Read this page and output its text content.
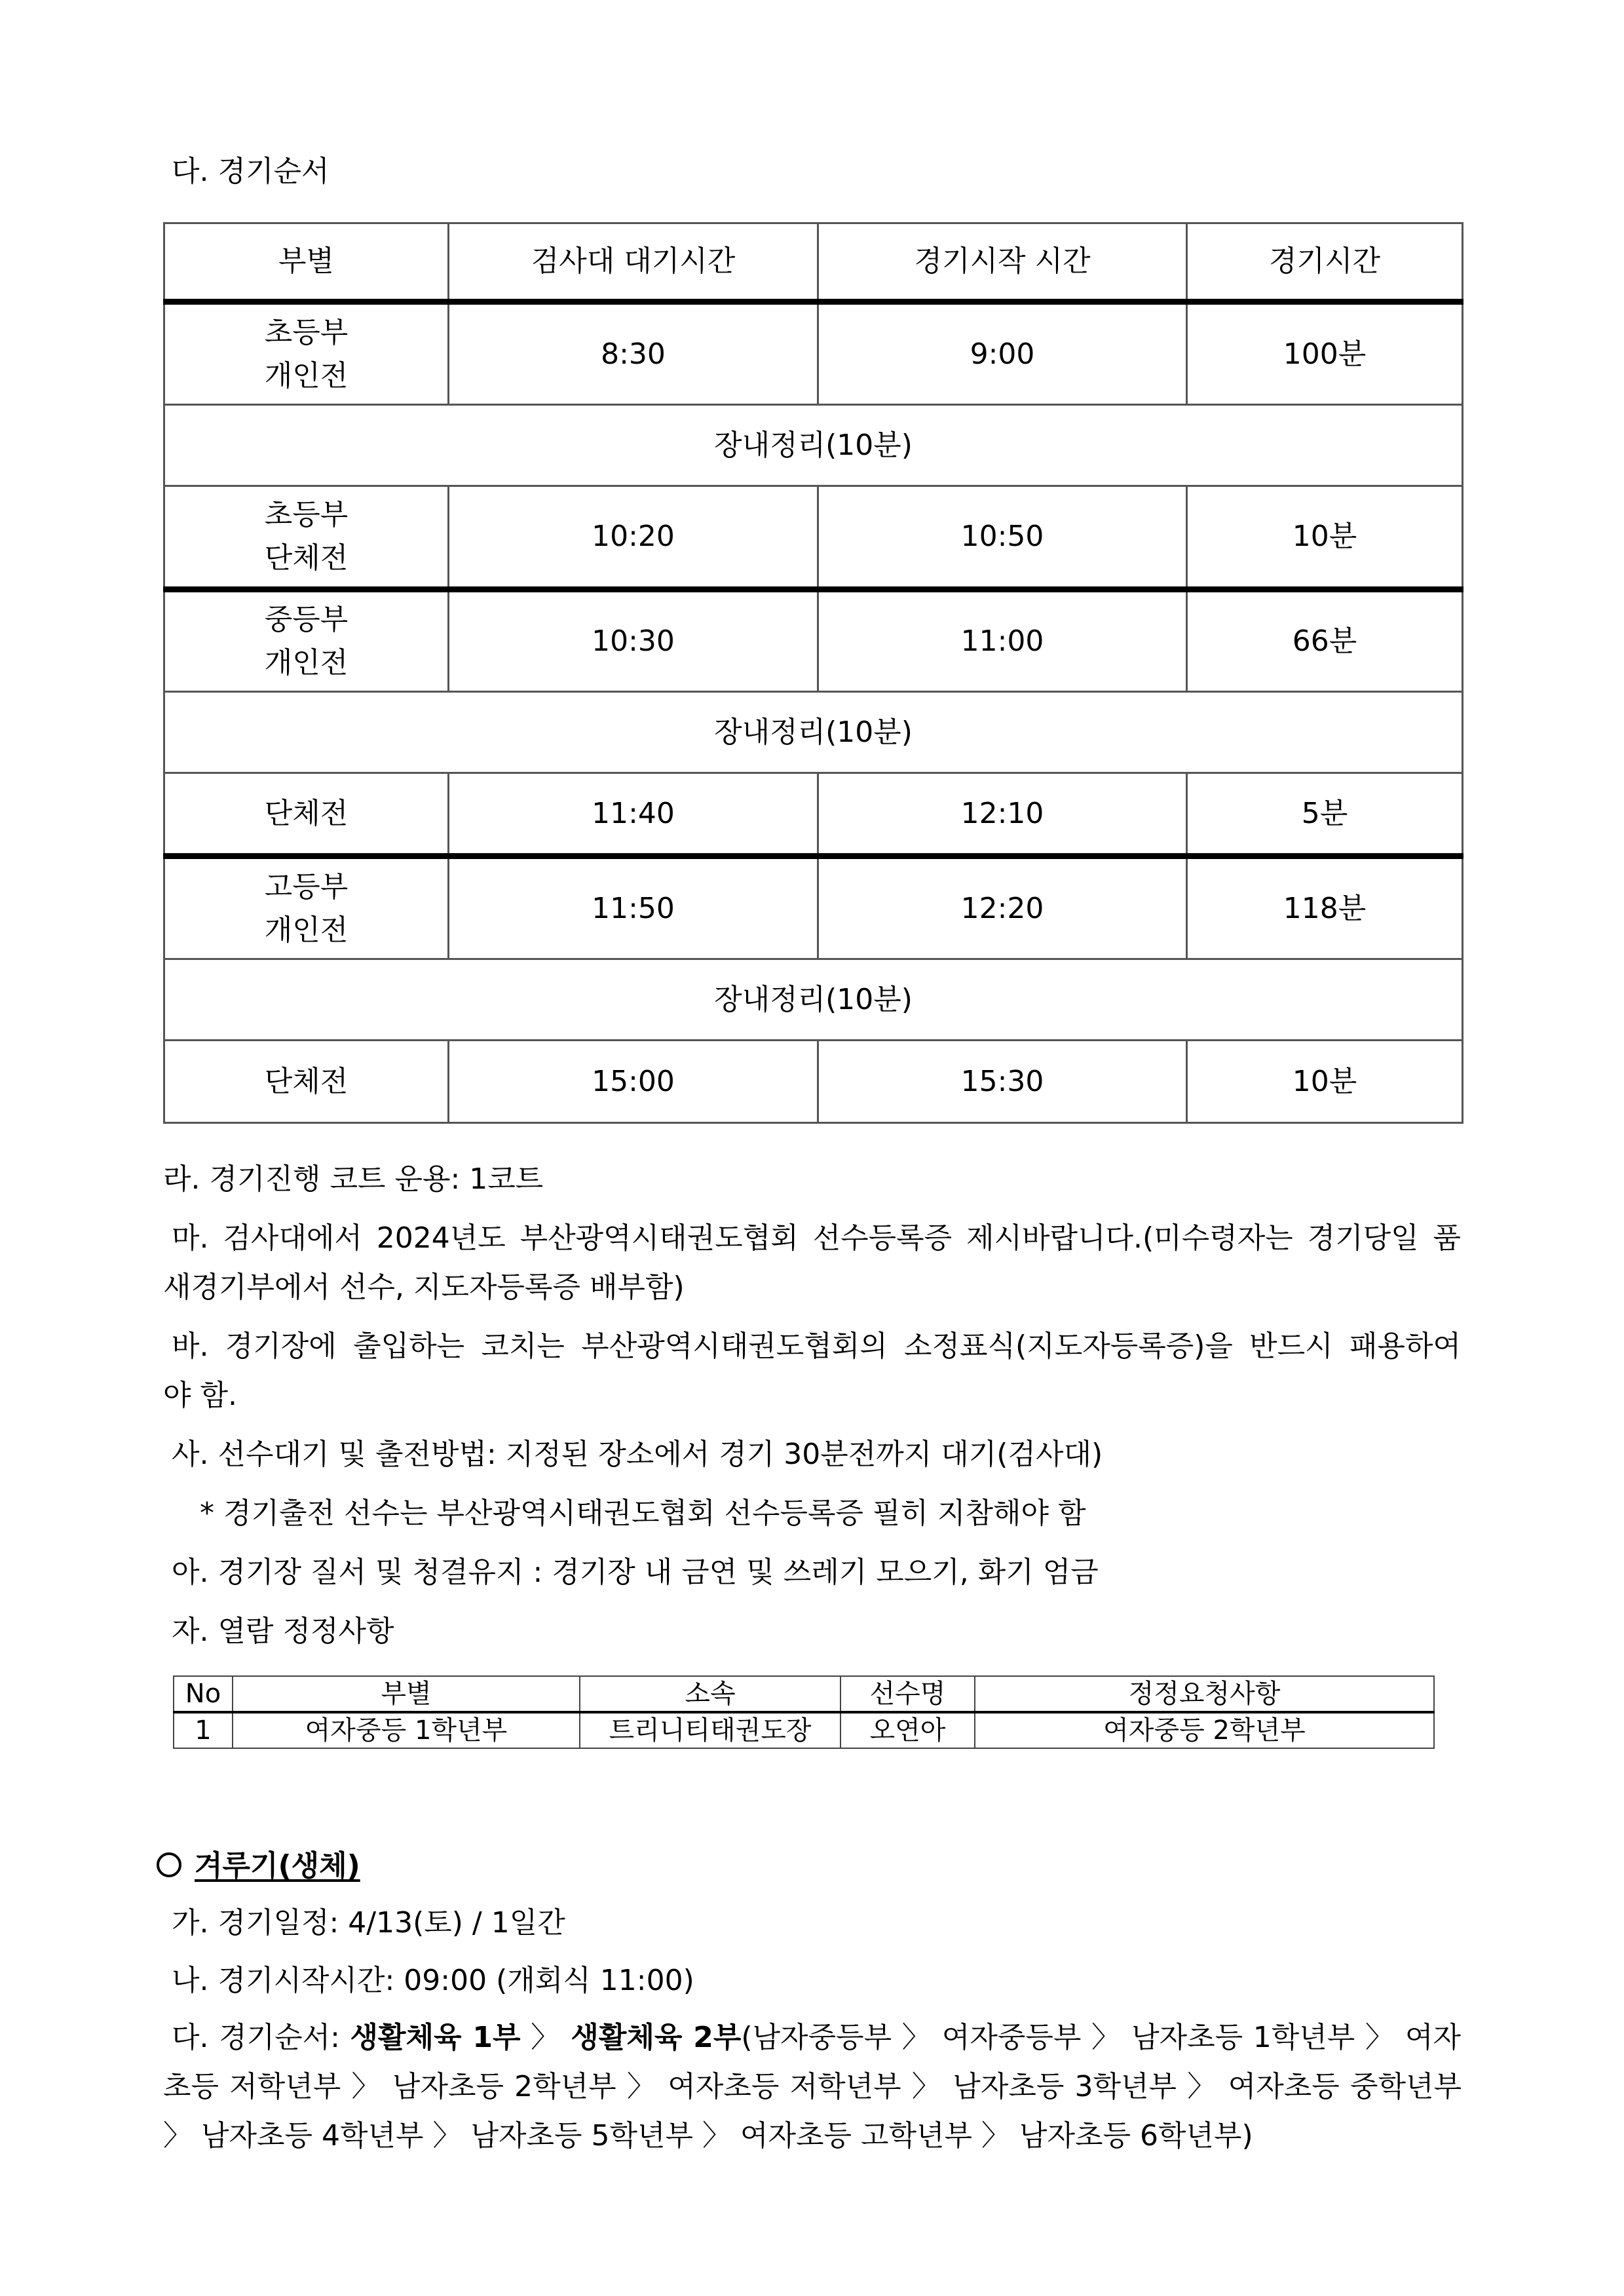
다. 경기순서
부별	검사대 대기시간	경기시작 시간	경기시간

초등부
개인전	8:30	9:00	100분
장내정리(10분)			

초등부
단체전	10:20	10:50	10분

중등부
개인전	10:30	11:00	66분
장내정리(10분)			
단체전	11:40	12:10	5분

고등부
개인전	11:50	12:20	118분
장내정리(10분)			
단체전	15:00	15:30	10분
라. 경기진행 코트 운용: 1코트
마. 검사대에서 2024년도 부산광역시태권도협회 선수등록증 제시바랍니다.(미수령자는 경기당일 품
새경기부에서 선수, 지도자등록증 배부함)
바. 경기장에 출입하는 코치는 부산광역시태권도협회의 소정표식(지도자등록증)을 반드시 패용하여
야 함.
사. 선수대기 및 출전방법: 지정된 장소에서 경기 30분전까지 대기(검사대)
* 경기출전 선수는 부산광역시태권도협회 선수등록증 필히 지참해야 함
아. 경기장 질서 및 청결유지 : 경기장 내 금연 및 쓰레기 모으기, 화기 엄금
자. 열람 정정사항
No	부별	소속	선수명	정정요청사항
1	여자중등 1학년부	트리니티태권도장	오연아	여자중등 2학년부
겨루기(생체)
가. 경기일정: 4/13(토) / 1일간
나. 경기시작시간: 09:00 (개회식 11:00)
다. 경기순서: 생활체육 1부 〉 생활체육 2부(남자중등부 〉 여자중등부 〉 남자초등 1학년부 〉 여자
초등 저학년부 〉 남자초등 2학년부 〉 여자초등 저학년부 〉 남자초등 3학년부 〉 여자초등 중학년부
〉 남자초등 4학년부 〉 남자초등 5학년부 〉 여자초등 고학년부 〉 남자초등 6학년부)
